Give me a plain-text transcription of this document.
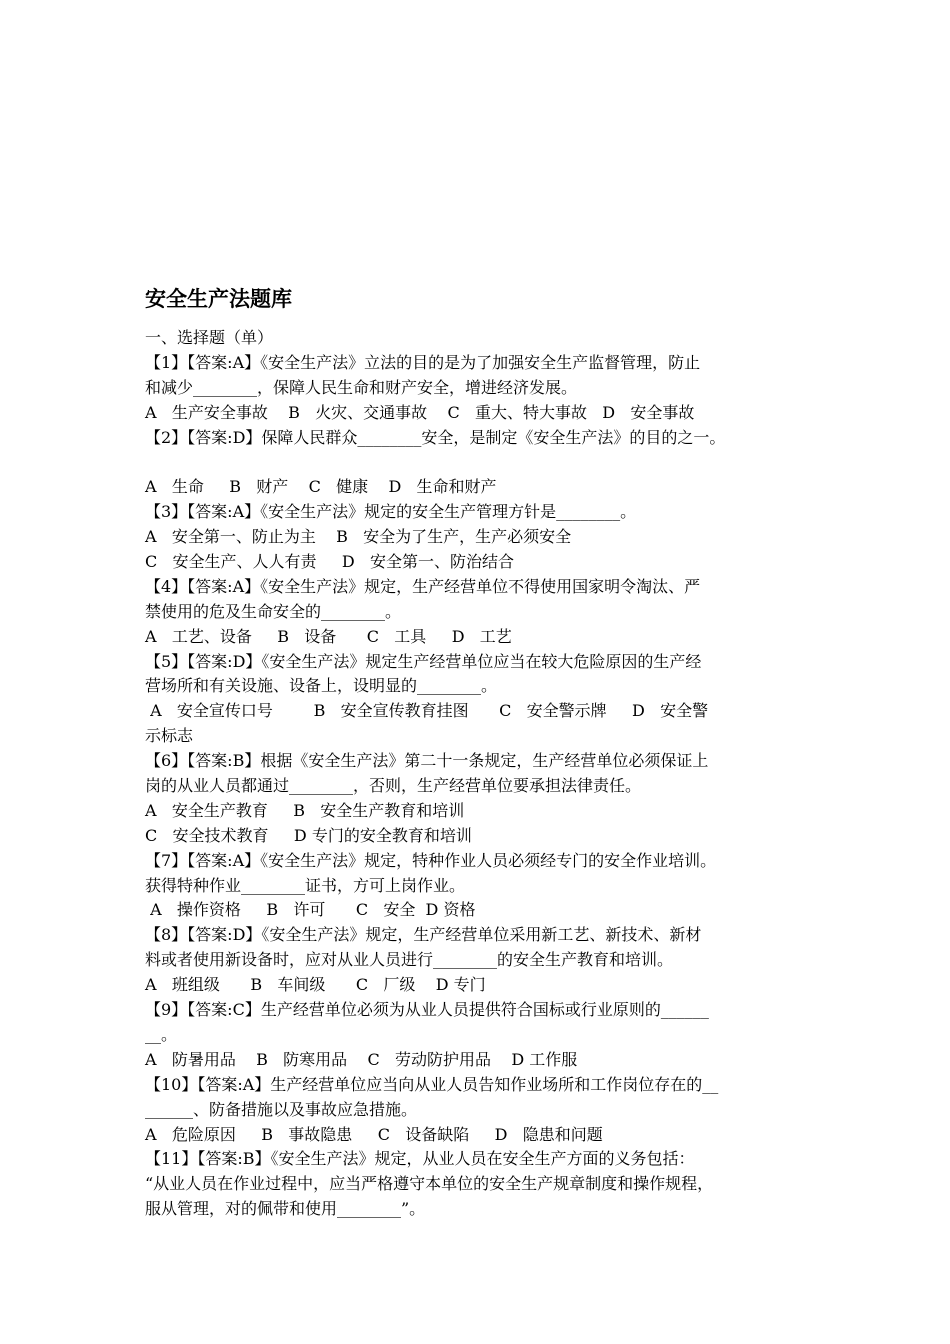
安全生产法题库
一、选择题（单）
【1】【答案:A】《安全生产法》立法的目的是为了加强安全生产监督管理，防止
和减少________，保障人民生命和财产安全，增进经济发展。
A   生产安全事故    B   火灾、交通事故    C   重大、特大事故   D   安全事故
【2】【答案:D】保障人民群众________安全，是制定《安全生产法》的目的之一。
A   生命     B   财产    C   健康    D   生命和财产
【3】【答案:A】《安全生产法》规定的安全生产管理方针是________。
A   安全第一、防止为主    B   安全为了生产，生产必须安全
C   安全生产、人人有责     D   安全第一、防治结合
【4】【答案:A】《安全生产法》规定，生产经营单位不得使用国家明令淘汰、严
禁使用的危及生命安全的________。
A   工艺、设备     B   设备      C   工具     D   工艺
【5】【答案:D】《安全生产法》规定生产经营单位应当在较大危险原因的生产经
营场所和有关设施、设备上，设明显的________。
A   安全宣传口号        B   安全宣传教育挂图      C   安全警示牌     D   安全警
示标志
【6】【答案:B】根据《安全生产法》第二十一条规定，生产经营单位必须保证上
岗的从业人员都通过________，否则，生产经营单位要承担法律责任。
A   安全生产教育     B   安全生产教育和培训
C   安全技术教育     D 专门的安全教育和培训
【7】【答案:A】《安全生产法》规定，特种作业人员必须经专门的安全作业培训。
获得特种作业________证书，方可上岗作业。
A   操作资格     B   许可      C   安全  D 资格
【8】【答案:D】《安全生产法》规定，生产经营单位采用新工艺、新技术、新材
料或者使用新设备时，应对从业人员进行________的安全生产教育和培训。
A   班组级      B   车间级      C   厂级    D 专门
【9】【答案:C】生产经营单位必须为从业人员提供符合国标或行业原则的______
__。
A   防暑用品    B   防寒用品    C   劳动防护用品    D 工作服
【10】【答案:A】生产经营单位应当向从业人员告知作业场所和工作岗位存在的__
______、防备措施以及事故应急措施。
A   危险原因     B   事故隐患     C   设备缺陷     D   隐患和问题
【11】【答案:B】《安全生产法》规定，从业人员在安全生产方面的义务包括：
“从业人员在作业过程中，应当严格遵守本单位的安全生产规章制度和操作规程，
服从管理，对的佩带和使用________”。
